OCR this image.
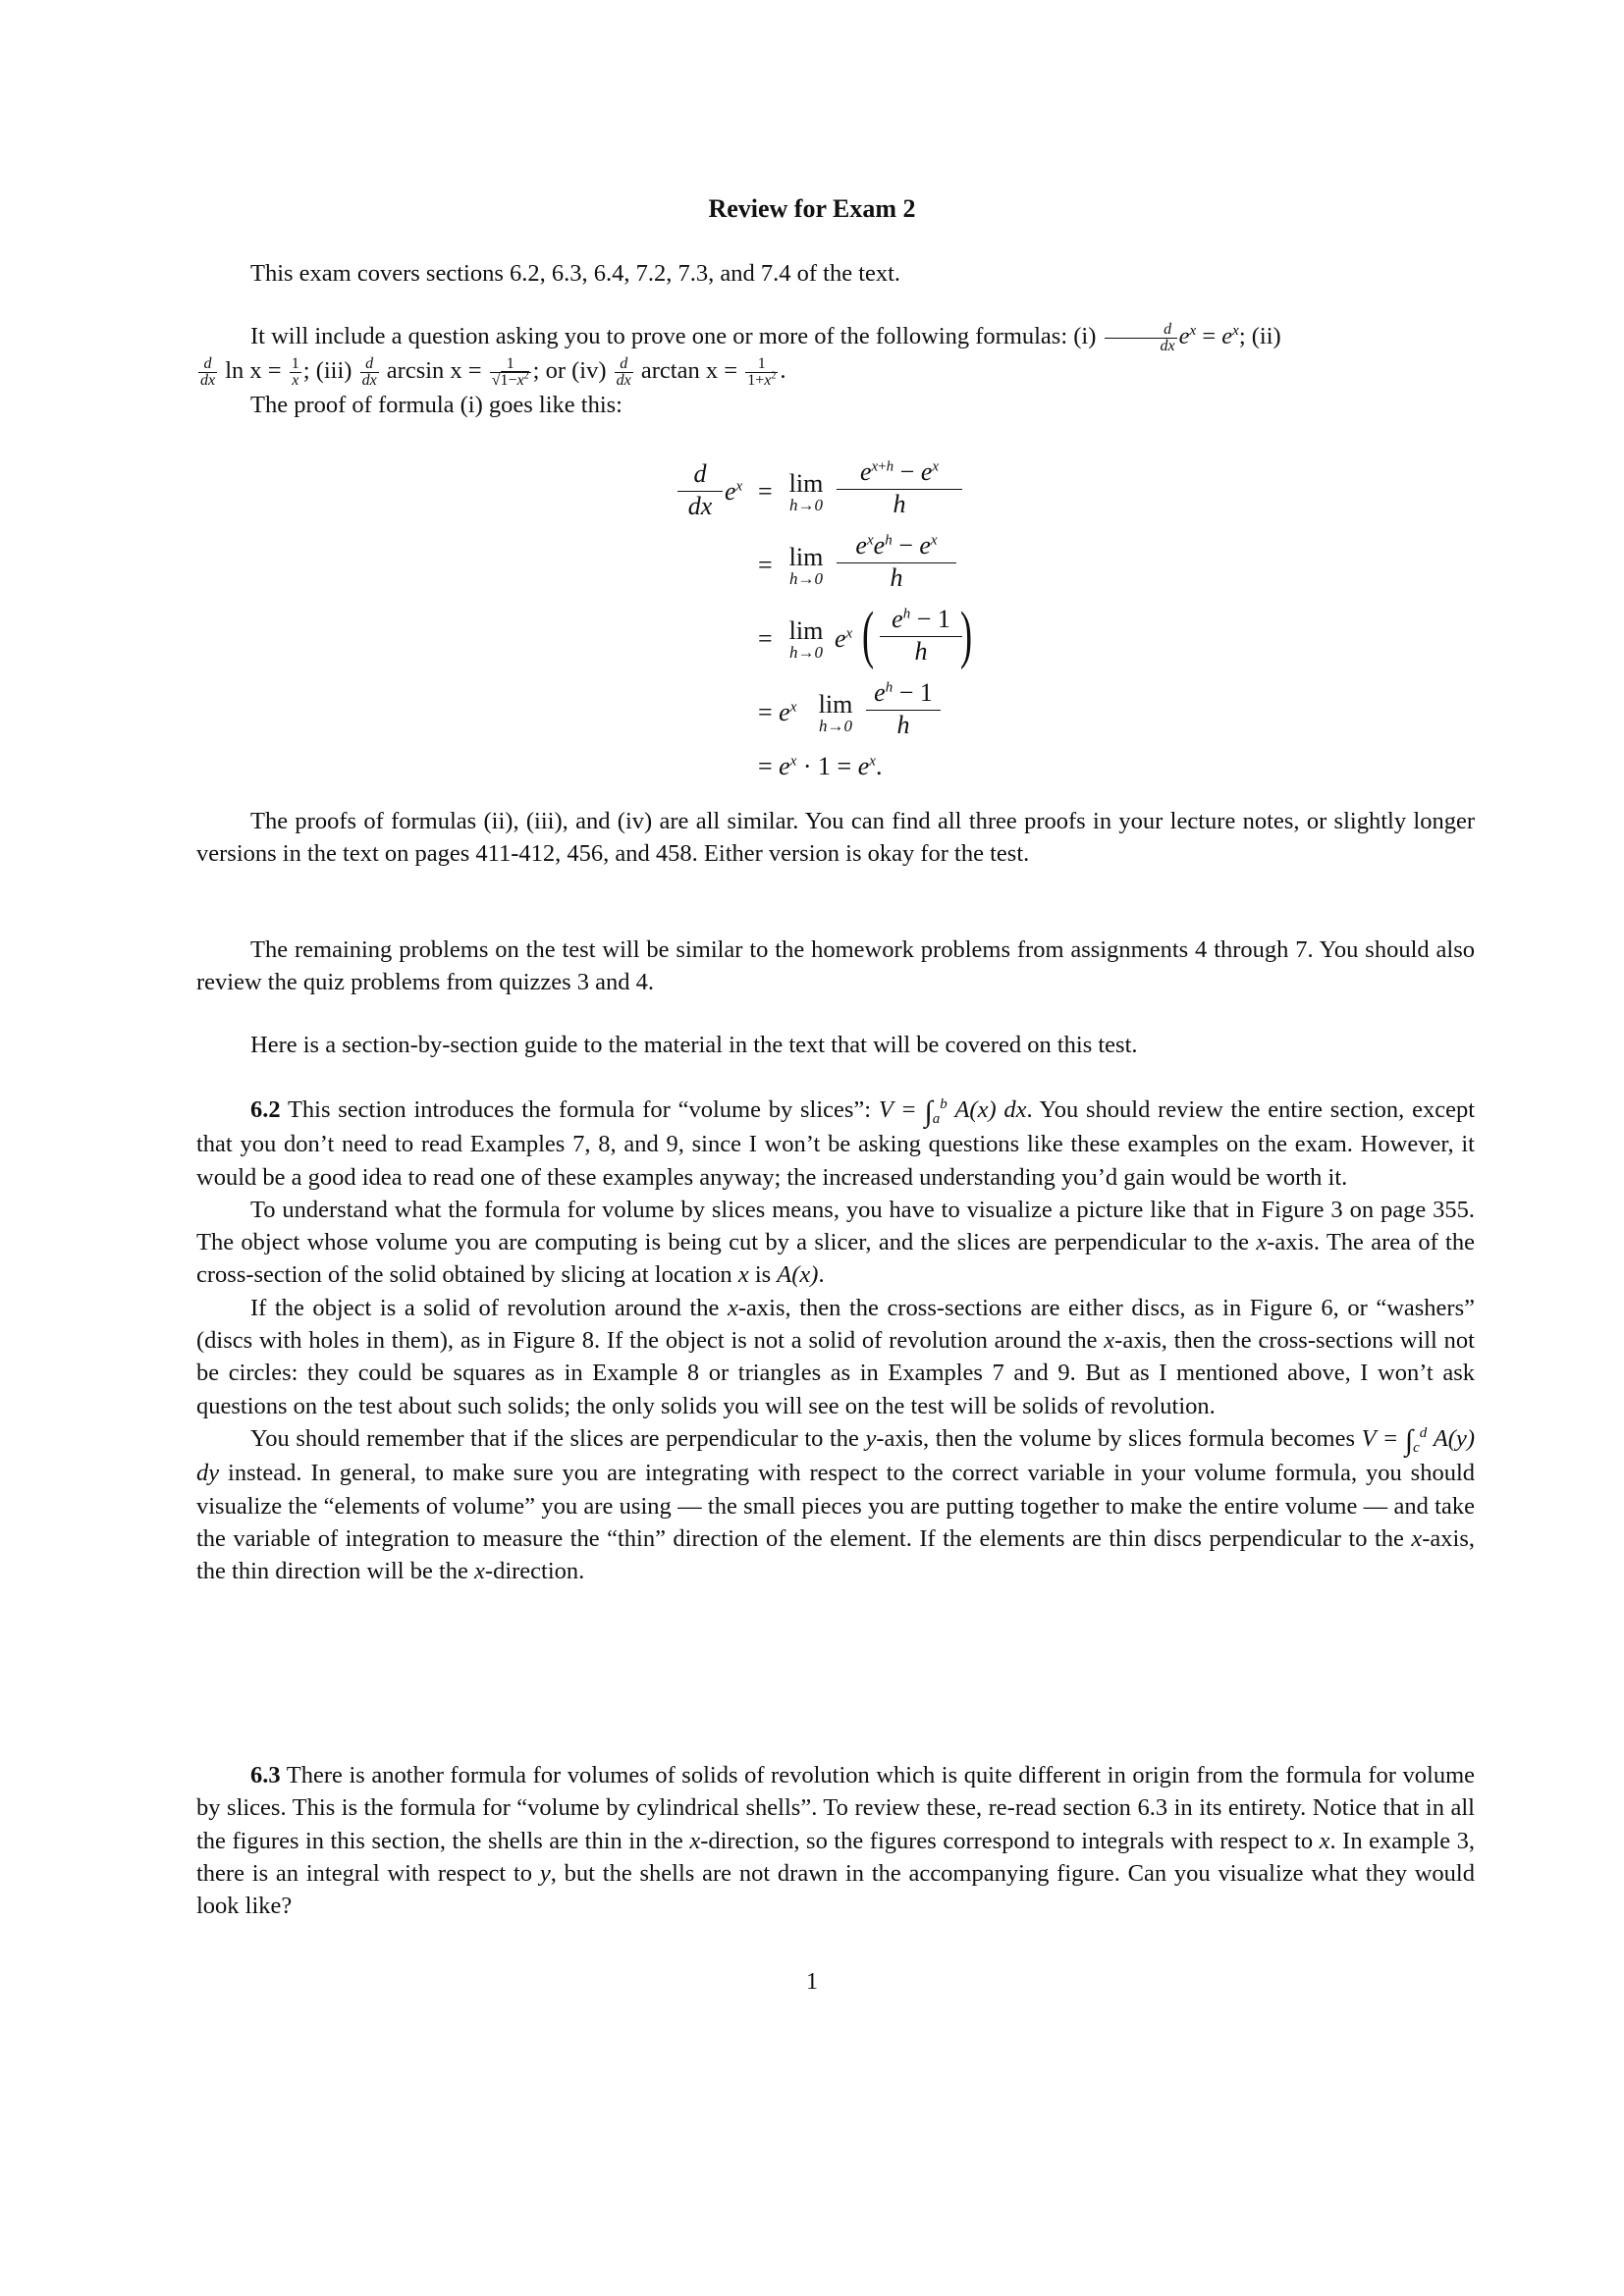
Review for Exam 2

This exam covers sections 6.2, 6.3, 6.4, 7.2, 7.3, and 7.4 of the text.

It will include a question asking you to prove one or more of the following formulas: $(i) \frac{d}{dx} e^x = e^x$; (ii)

$\frac{d}{dx}$ $\ln x = \frac{1}{x}$ ; $(iii) \frac{d}{dx}$ $\arcsin x = \frac{1}{√1-x^2}$ ; or $(iv) \frac{d}{dx}$ $\arctan x = \frac{1}{1+x^2}$ .

The proof of formula (i) goes like this:

$\frac{d}{dx} e^x = \lim$
$h\to 0 \frac{e^{x+h} - e^x}{h}$
= lim
h→0
$e^xe^h - e^x$
h
= lim
h→0 $e^x$ ( $\frac{e^h - 1}{h}$
)
= $e^x$ lim
$h\to 0 \frac{e^h - 1}{h}$
= $e^x \cdot 1 = e^x$.

The proofs of formulas (ii), (iii), and (iv) are all similar. You can find all three proofs in your lecture notes, or slightly longer versions in the text on pages 411-412, 456, and 458. Either version is okay for the test.

The remaining problems on the test will be similar to the homework problems from assignments 4 through 7. You should also review the quiz problems from quizzes 3 and 4.

Here is a section-by-section guide to the material in the text that will be covered on this test.

6.2 This section introduces the formula for “volume by slices”: $V = \int_a^b$ A(x) dx. You should review the entire section, except that you don’t need to read Examples 7, 8, and 9, since I won’t be asking questions like these examples on the exam. However, it would be a good idea to read one of these examples anyway; the increased understanding you’d gain would be worth it.

To understand what the formula for volume by slices means, you have to visualize a picture like that in Figure 3 on page 355. The object whose volume you are computing is being cut by a slicer, and the slices are perpendicular to the x-axis. The area of the cross-section of the solid obtained by slicing at location x is A(x).

If the object is a solid of revolution around the x-axis, then the cross-sections are either discs, as in Figure 6, or “washers” (discs with holes in them), as in Figure 8. If the object is not a solid of revolution around the x-axis, then the cross-sections will not be circles: they could be squares as in Example 8 or triangles as in Examples 7 and 9. But as I mentioned above, I won’t ask questions on the test about such solids; the only solids you will see on the test will be solids of revolution.

You should remember that if the slices are perpendicular to the y-axis, then the volume by slices formula becomes $V = \int_c^d$ A(y) dy instead. In general, to make sure you are integrating with respect to the correct variable in your volume formula, you should visualize the “elements of volume” you are using — the small pieces you are putting together to make the entire volume — and take the variable of integration to measure the “thin” direction of the element. If the elements are thin discs perpendicular to the x-axis, the thin direction will be the x-direction.

6.3 There is another formula for volumes of solids of revolution which is quite different in origin from the formula for volume by slices. This is the formula for “volume by cylindrical shells”. To review these, re-read section 6.3 in its entirety. Notice that in all the figures in this section, the shells are thin in the x-direction, so the figures correspond to integrals with respect to x. In example 3, there is an integral with respect to y, but the shells are not drawn in the accompanying figure. Can you visualize what they would look like?

1
